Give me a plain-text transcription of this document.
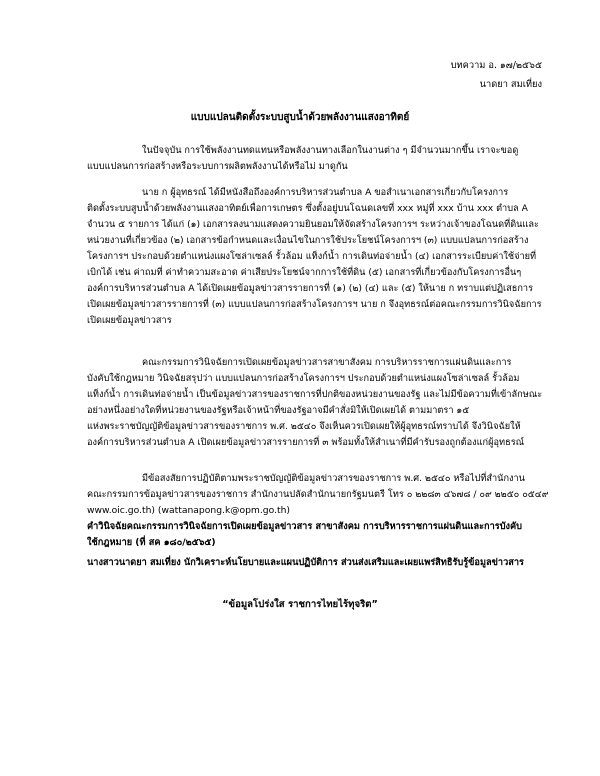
บทความ อ. ๑๗/๒๕๖๕
นาดยา สมเที่ยง
แบบแปลนติดตั้งระบบสูบน้ำด้วยพลังงานแสงอาทิตย์

ในปัจจุบัน การใช้พลังงานทดแทนหรือพลังงานทางเลือกในงานต่าง ๆ มีจำนวนมากขึ้น เราจะขอดู

แบบแปลนการก่อสร้างหรือระบบการผลิตพลังงานได้หรือไม่ มาดูกัน

นาย ก ผู้อุทธรณ์ ได้มีหนังสือถึงองค์การบริหารส่วนตำบล A ขอสำเนาเอกสารเกี่ยวกับโครงการ

ติดตั้งระบบสูบน้ำด้วยพลังงานแสงอาทิตย์เพื่อการเกษตร ซึ่งตั้งอยู่บนโฉนดเลขที่ xxx หมู่ที่ xxx บ้าน xxx ตำบล A

จำนวน ๕ รายการ ได้แก่ (๑) เอกสารลงนามแสดงความยินยอมให้จัดสร้างโครงการฯ ระหว่างเจ้าของโฉนดที่ดินและ

หน่วยงานที่เกี่ยวข้อง (๒) เอกสารข้อกำหนดและเงื่อนไขในการใช้ประโยชน์โครงการฯ (๓) แบบแปลนการก่อสร้าง

โครงการฯ ประกอบด้วยตำแหน่งแผงโซล่าเซลล์ รั้วล้อม แท็งก์น้ำ การเดินท่อจ่ายน้ำ (๔) เอกสารระเบียบค่าใช้จ่ายที่

เบิกได้ เช่น ค่าถมที่ ค่าทำความสะอาด ค่าเสียประโยชน์จากการใช้ที่ดิน (๕) เอกสารที่เกี่ยวข้องกับโครงการอื่นๆ

องค์การบริหารส่วนตำบล A ได้เปิดเผยข้อมูลข่าวสารรายการที่ (๑) (๒) (๔) และ (๕) ให้นาย ก ทราบแต่ปฏิเสธการ

เปิดเผยข้อมูลข่าวสารรายการที่ (๓) แบบแปลนการก่อสร้างโครงการฯ นาย ก จึงอุทธรณ์ต่อคณะกรรมการวินิจฉัยการ

เปิดเผยข้อมูลข่าวสาร

คณะกรรมการวินิจฉัยการเปิดเผยข้อมูลข่าวสารสาขาสังคม การบริหารราชการแผ่นดินและการ

บังคับใช้กฎหมาย วินิจฉัยสรุปว่า แบบแปลนการก่อสร้างโครงการฯ ประกอบด้วยตำแหน่งแผงโซล่าเซลล์ รั้วล้อม

แท็งก์น้ำ การเดินท่อจ่ายน้ำ เป็นข้อมูลข่าวสารของราชการที่ปกติของหน่วยงานของรัฐ และไม่มีข้อความที่เข้าลักษณะ

อย่างหนึ่งอย่างใดที่หน่วยงานของรัฐหรือเจ้าหน้าที่ของรัฐอาจมีคำสั่งมิให้เปิดเผยได้ ตามมาตรา ๑๕

แห่งพระราชบัญญัติข้อมูลข่าวสารของราชการ พ.ศ. ๒๕๔๐ จึงเห็นควรเปิดเผยให้ผู้อุทธรณ์ทราบได้ จึงวินิจฉัยให้

องค์การบริหารส่วนตำบล A เปิดเผยข้อมูลข่าวสารรายการที่ ๓ พร้อมทั้งให้สำเนาที่มีคำรับรองถูกต้องแก่ผู้อุทธรณ์

มีข้อสงสัยการปฏิบัติตามพระราชบัญญัติข้อมูลข่าวสารของราชการ พ.ศ. ๒๕๔๐ หรือไปที่สำนักงาน

คณะกรรมการข้อมูลข่าวสารของราชการ สำนักงานปลัดสำนักนายกรัฐมนตรี โทร ๐ ๒๒๘๓ ๔๖๗๘ / ๐๙ ๒๒๕๐ ๐๕๔๙

www.oic.go.th) (wattanapong.k@opm.go.th)

คำวินิจฉัยคณะกรรมการวินิจฉัยการเปิดเผยข้อมูลข่าวสาร สาขาสังคม การบริหารราชการแผ่นดินและการบังคับ

ใช้กฎหมาย (ที่ สค ๑๘๐/๒๕๖๕)

นางสาวนาดยา สมเที่ยง นักวิเคราะห์นโยบายและแผนปฏิบัติการ ส่วนส่งเสริมและเผยแพร่สิทธิรับรู้ข้อมูลข่าวสาร

“ข้อมูลโปร่งใส ราชการไทยไร้ทุจริต”
